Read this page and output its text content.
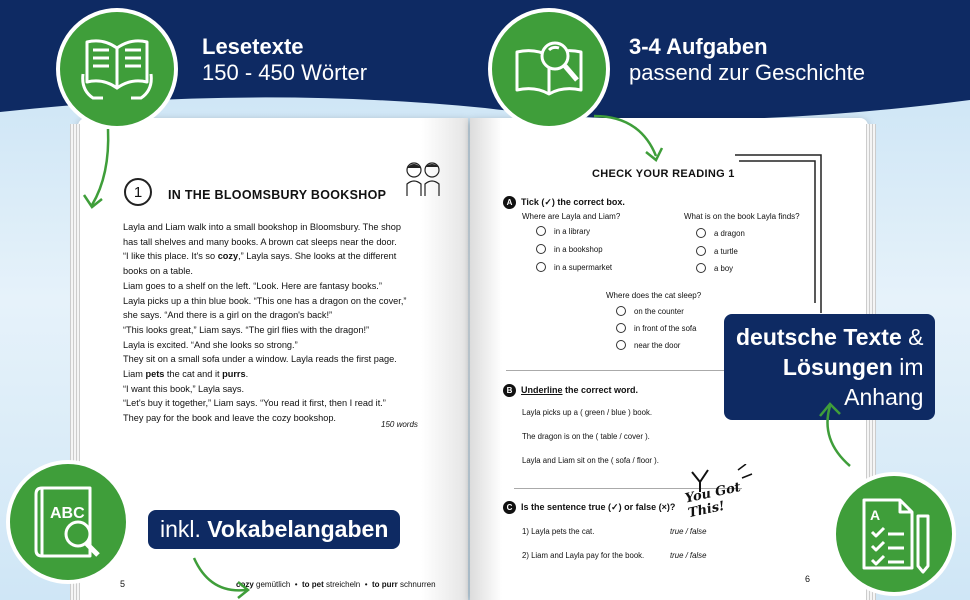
1	IN THE BLOOMSBURY BOOKSHOP

Layla and Liam walk into a small bookshop in Bloomsbury. The shop

has tall shelves and many books. A brown cat sleeps near the door.

“I like this place. It's so cozy,” Layla says. She looks at the different

books on a table.

Liam goes to a shelf on the left. “Look. Here are fantasy books.”

Layla picks up a thin blue book. “This one has a dragon on the cover,”

she says. “And there is a girl on the dragon's back!”

“This looks great,” Liam says. “The girl flies with the dragon!”

Layla is excited. “And she looks so strong.”

They sit on a small sofa under a window. Layla reads the first page.

Liam pets the cat and it purrs.

“I want this book,” Layla says.

“Let's buy it together,” Liam says. “You read it first, then I read it.”

They pay for the book and leave the cozy bookshop.

150 words
5	cozy gemütlich  •  to pet streicheln  •  to purr schnurren
CHECK YOUR READING 1
A Tick (✓) the correct box.
Where are Layla and Liam?
in a library
in a bookshop
in a supermarket
What is on the book Layla finds?
a dragon
a turtle
a boy
Where does the cat sleep?
on the counter
in front of the sofa
near the door
B Underline the correct word.
Layla picks up a ( green / blue ) book.
The dragon is on the ( table / cover ).
Layla and Liam sit on the ( sofa / floor ).
C Is the sentence true (✓) or false (×)?
1) Layla pets the cat.	true / false
2) Liam and Layla pay for the book.	true / false
6
You Got This!
Lesetexte
150 - 450 Wörter
3-4 Aufgaben
passend zur Geschichte
deutsche Texte &
Lösungen im
Anhang
ABC
inkl. Vokabelangaben
A
